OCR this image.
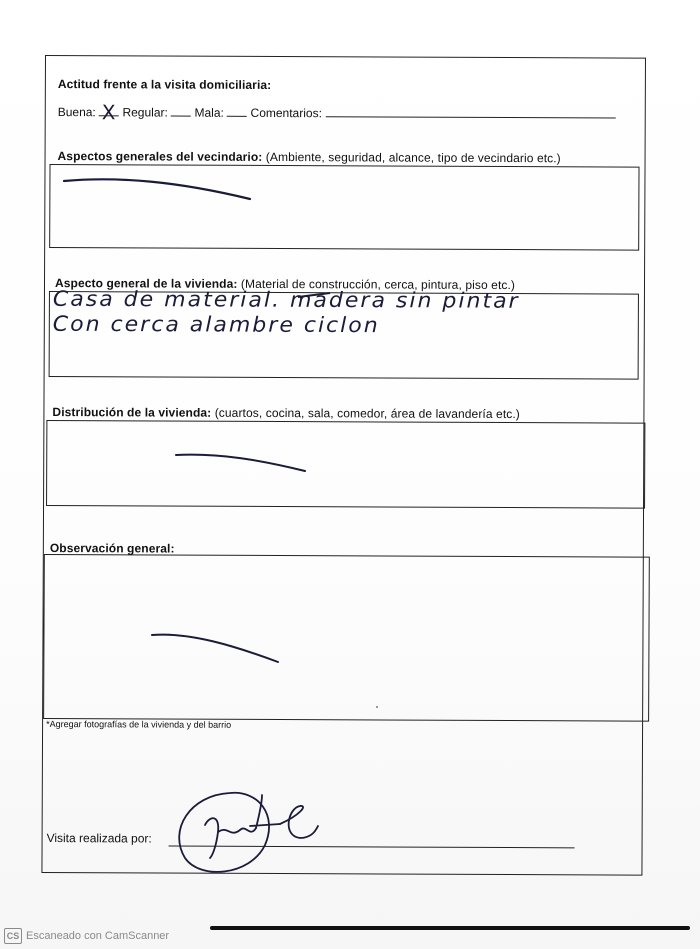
Actitud frente a la visita domiciliaria:
Buena: Regular: Mala: Comentarios:
X
Aspectos generales del vecindario: (Ambiente, seguridad, alcance, tipo de vecindario etc.)
Aspecto general de la vivienda: (Material de construcción, cerca, pintura, piso etc.)
Casa de material. madera sin pintar
Con cerca alambre ciclon
Distribución de la vivienda: (cuartos, cocina, sala, comedor, área de lavandería etc.)
Observación general:
*Agregar fotografías de la vivienda y del barrio
Visita realizada por:
CS Escaneado con CamScanner
